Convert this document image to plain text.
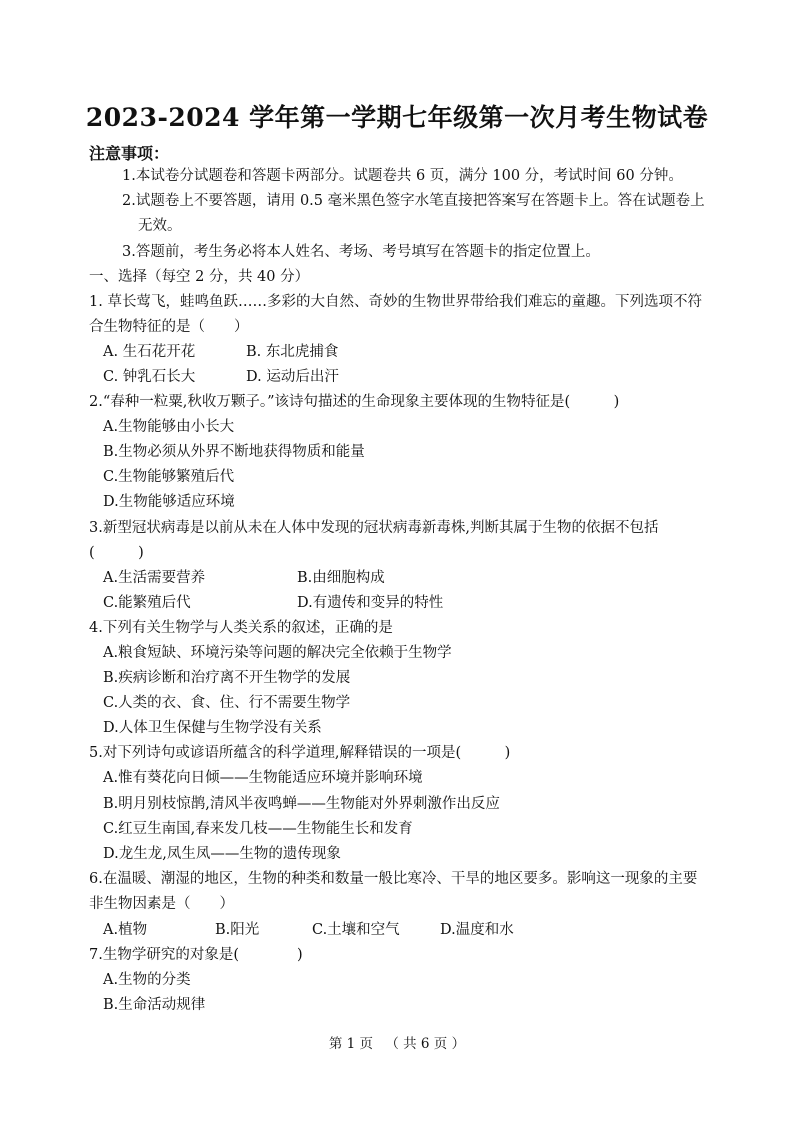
2023-2024 学年第一学期七年级第一次月考生物试卷
注意事项：
1.本试卷分试题卷和答题卡两部分。试题卷共 6 页，满分 100 分，考试时间 60 分钟。
2.试题卷上不要答题，请用 0.5 毫米黑色签字水笔直接把答案写在答题卡上。答在试题卷上
无效。
3.答题前，考生务必将本人姓名、考场、考号填写在答题卡的指定位置上。
一、选择（每空 2 分，共 40 分）
1. 草长莺飞，蛙鸣鱼跃……多彩的大自然、奇妙的生物世界带给我们难忘的童趣。下列选项不符
合生物特征的是（　　）
A. 生石花开花	B. 东北虎捕食
C. 钟乳石长大	D. 运动后出汗
2.“春种一粒粟,秋收万颗子。”该诗句描述的生命现象主要体现的生物特征是(　　　)
A.生物能够由小长大
B.生物必须从外界不断地获得物质和能量
C.生物能够繁殖后代
D.生物能够适应环境
3.新型冠状病毒是以前从未在人体中发现的冠状病毒新毒株,判断其属于生物的依据不包括
(　　　)
A.生活需要营养	B.由细胞构成
C.能繁殖后代	D.有遗传和变异的特性
4.下列有关生物学与人类关系的叙述，正确的是
A.粮食短缺、环境污染等问题的解决完全依赖于生物学
B.疾病诊断和治疗离不开生物学的发展
C.人类的衣、食、住、行不需要生物学
D.人体卫生保健与生物学没有关系
5.对下列诗句或谚语所蕴含的科学道理,解释错误的一项是(　　　)
A.惟有葵花向日倾——生物能适应环境并影响环境
B.明月别枝惊鹊,清风半夜鸣蝉——生物能对外界刺激作出反应
C.红豆生南国,春来发几枝——生物能生长和发育
D.龙生龙,凤生凤——生物的遗传现象
6.在温暖、潮湿的地区，生物的种类和数量一般比寒冷、干旱的地区要多。影响这一现象的主要
非生物因素是（　　）
A.植物	B.阳光	C.土壤和空气	D.温度和水
7.生物学研究的对象是(　　　　)
A.生物的分类
B.生命活动规律
第 1 页 （ 共 6 页 ）
